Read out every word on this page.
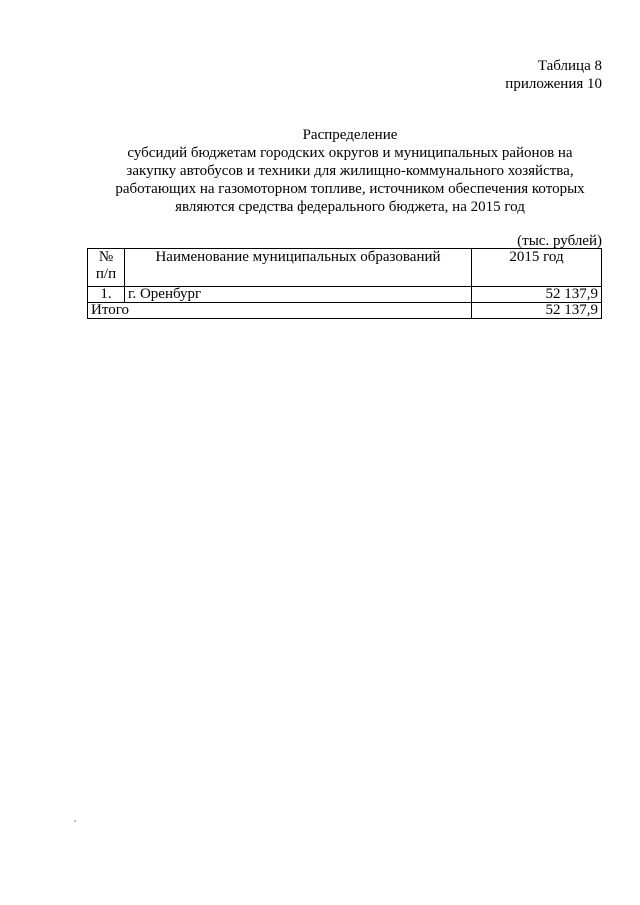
Таблица 8
приложения 10
Распределение
субсидий бюджетам городских округов и муниципальных районов на
закупку автобусов и техники для жилищно-коммунального хозяйства,
работающих на газомоторном топливе, источником обеспечения которых
являются средства федерального бюджета, на 2015 год
(тыс. рублей)
№
п/п	Наименование муниципальных образований	2015 год
1.	г. Оренбург	52 137,9
Итого		52 137,9
